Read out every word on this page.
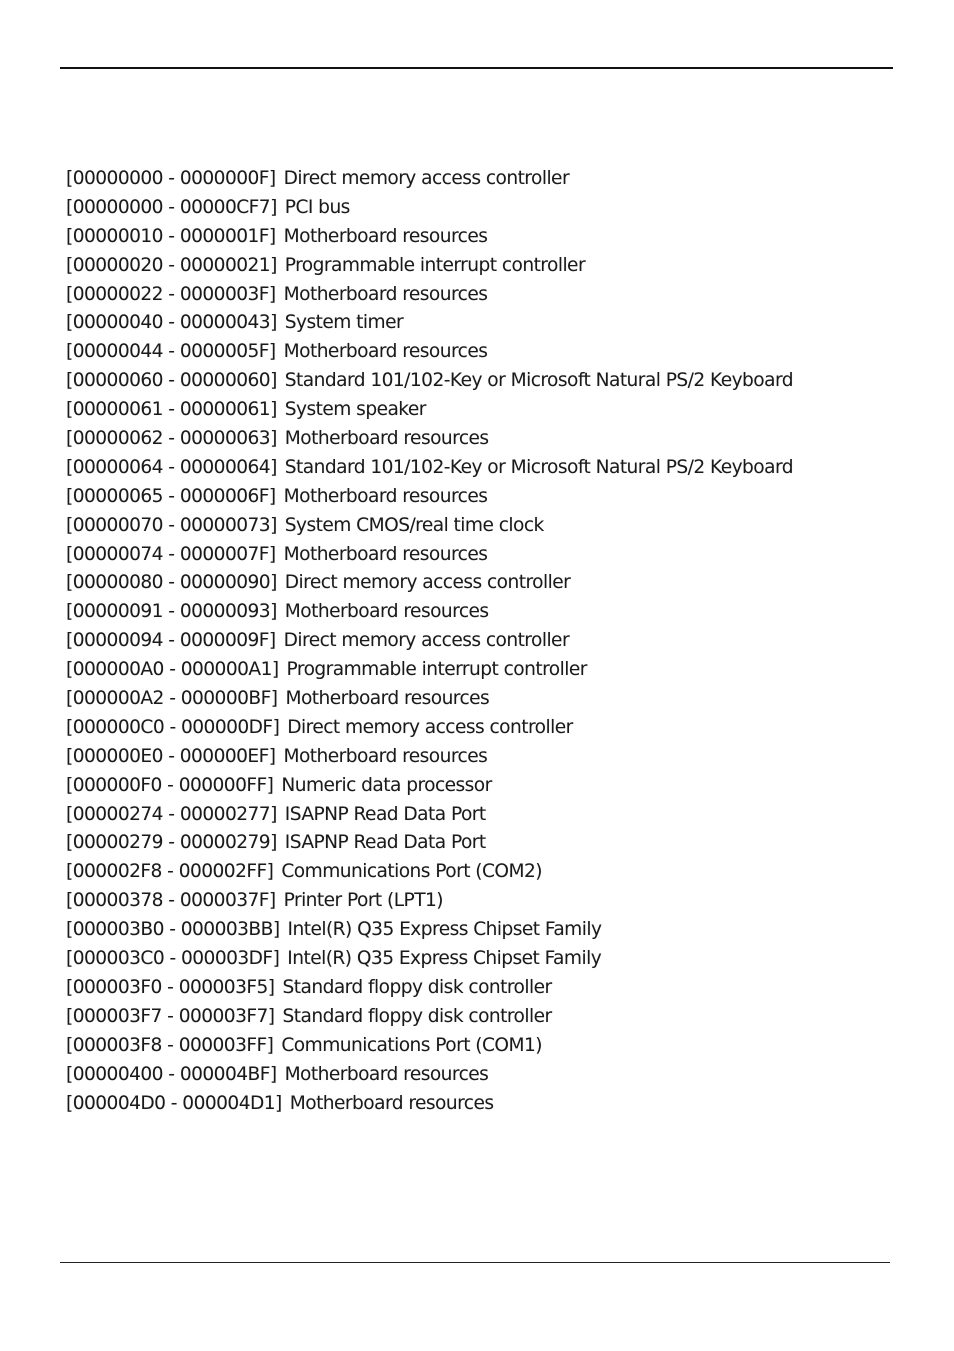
[00000000 - 0000000F] Direct memory access controller
[00000000 - 00000CF7] PCI bus
[00000010 - 0000001F] Motherboard resources
[00000020 - 00000021] Programmable interrupt controller
[00000022 - 0000003F] Motherboard resources
[00000040 - 00000043] System timer
[00000044 - 0000005F] Motherboard resources
[00000060 - 00000060] Standard 101/102-Key or Microsoft Natural PS/2 Keyboard
[00000061 - 00000061] System speaker
[00000062 - 00000063] Motherboard resources
[00000064 - 00000064] Standard 101/102-Key or Microsoft Natural PS/2 Keyboard
[00000065 - 0000006F] Motherboard resources
[00000070 - 00000073] System CMOS/real time clock
[00000074 - 0000007F] Motherboard resources
[00000080 - 00000090] Direct memory access controller
[00000091 - 00000093] Motherboard resources
[00000094 - 0000009F] Direct memory access controller
[000000A0 - 000000A1] Programmable interrupt controller
[000000A2 - 000000BF] Motherboard resources
[000000C0 - 000000DF] Direct memory access controller
[000000E0 - 000000EF] Motherboard resources
[000000F0 - 000000FF] Numeric data processor
[00000274 - 00000277] ISAPNP Read Data Port
[00000279 - 00000279] ISAPNP Read Data Port
[000002F8 - 000002FF] Communications Port (COM2)
[00000378 - 0000037F] Printer Port (LPT1)
[000003B0 - 000003BB] Intel(R) Q35 Express Chipset Family
[000003C0 - 000003DF] Intel(R) Q35 Express Chipset Family
[000003F0 - 000003F5] Standard floppy disk controller
[000003F7 - 000003F7] Standard floppy disk controller
[000003F8 - 000003FF] Communications Port (COM1)
[00000400 - 000004BF] Motherboard resources
[000004D0 - 000004D1] Motherboard resources
